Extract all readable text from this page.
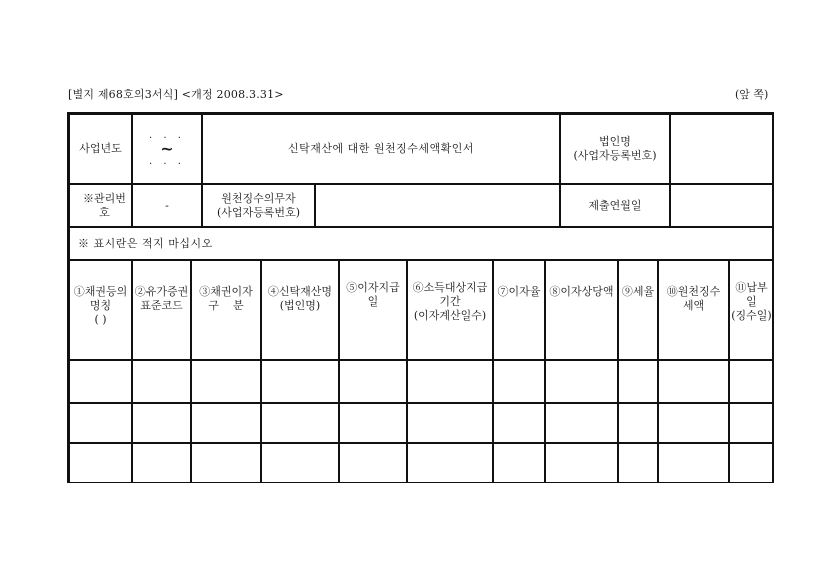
[별지 제68호의3서식] <개정 2008.3.31>	(앞 쪽)
사업년도
. . .
~
. . .
신탁재산에 대한 원천징수세액확인서
법인명
(사업자등록번호)
※관리번호
-
원천징수의무자
(사업자등록번호)
제출연월일
※ 표시란은 적지 마십시오
①채권등의
명칭
( )
②유가증권
표준코드
③채권이자
구    분
④신탁재산명
(법인명)
⑤이자지급
일
⑥소득대상지급
기간
(이자계산일수)
⑦이자율 ⑧이자상당액 ⑨세율 ⑩원천징수
세액
⑪납부
일
(징수일)
